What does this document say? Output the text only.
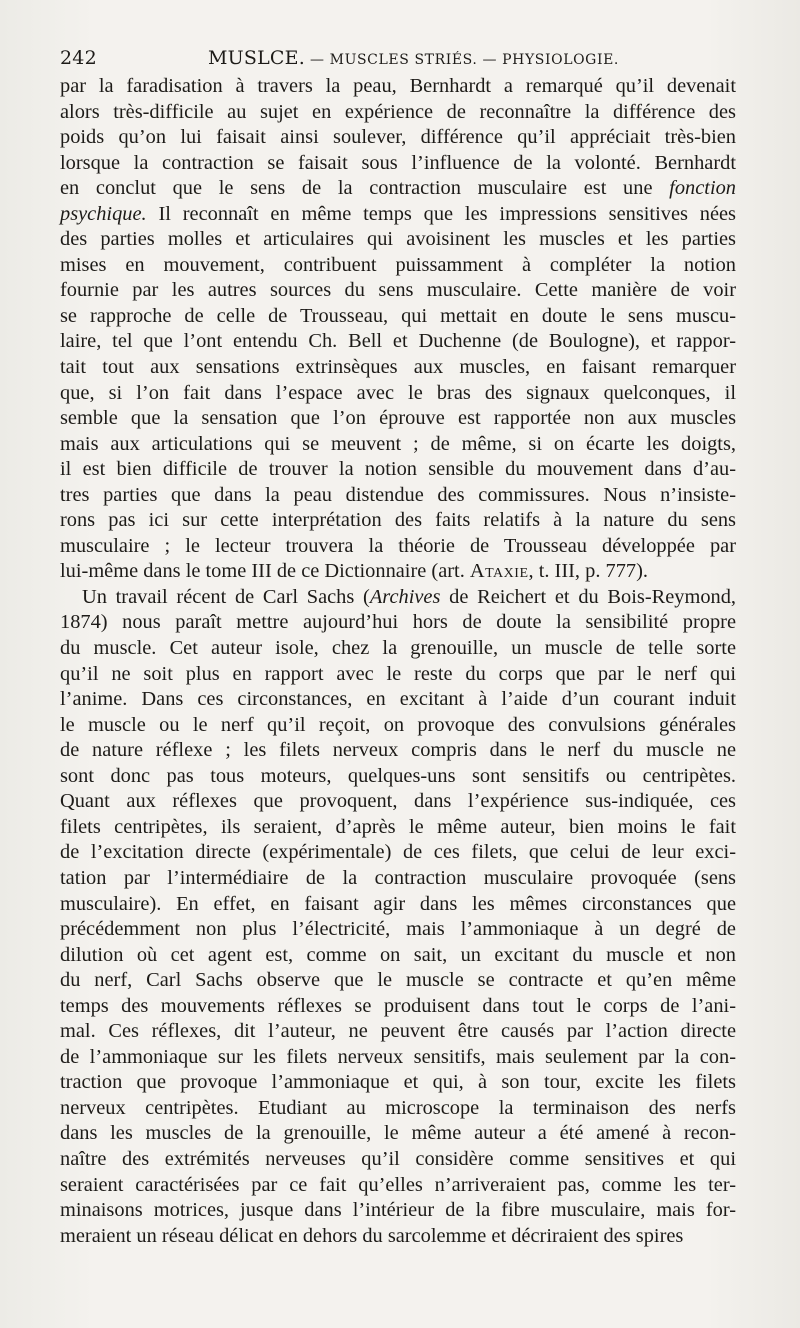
242	MUSLCE. — MUSCLES STRIÉS. — PHYSIOLOGIE.
par la faradisation à travers la peau, Bernhardt a remarqué qu’il devenait
alors très-difficile au sujet en expérience de reconnaître la différence des
poids qu’on lui faisait ainsi soulever, différence qu’il appréciait très-bien
lorsque la contraction se faisait sous l’influence de la volonté. Bernhardt
en conclut que le sens de la contraction musculaire est une fonction
psychique. Il reconnaît en même temps que les impressions sensitives nées
des parties molles et articulaires qui avoisinent les muscles et les parties
mises en mouvement, contribuent puissamment à compléter la notion
fournie par les autres sources du sens musculaire. Cette manière de voir
se rapproche de celle de Trousseau, qui mettait en doute le sens muscu-
laire, tel que l’ont entendu Ch. Bell et Duchenne (de Boulogne), et rappor-
tait tout aux sensations extrinsèques aux muscles, en faisant remarquer
que, si l’on fait dans l’espace avec le bras des signaux quelconques, il
semble que la sensation que l’on éprouve est rapportée non aux muscles
mais aux articulations qui se meuvent ; de même, si on écarte les doigts,
il est bien difficile de trouver la notion sensible du mouvement dans d’au-
tres parties que dans la peau distendue des commissures. Nous n’insiste-
rons pas ici sur cette interprétation des faits relatifs à la nature du sens
musculaire ; le lecteur trouvera la théorie de Trousseau développée par
lui-même dans le tome III de ce Dictionnaire (art. Ataxie, t. III, p. 777).
Un travail récent de Carl Sachs (Archives de Reichert et du Bois-Reymond,
1874) nous paraît mettre aujourd’hui hors de doute la sensibilité propre
du muscle. Cet auteur isole, chez la grenouille, un muscle de telle sorte
qu’il ne soit plus en rapport avec le reste du corps que par le nerf qui
l’anime. Dans ces circonstances, en excitant à l’aide d’un courant induit
le muscle ou le nerf qu’il reçoit, on provoque des convulsions générales
de nature réflexe ; les filets nerveux compris dans le nerf du muscle ne
sont donc pas tous moteurs, quelques-uns sont sensitifs ou centripètes.
Quant aux réflexes que provoquent, dans l’expérience sus-indiquée, ces
filets centripètes, ils seraient, d’après le même auteur, bien moins le fait
de l’excitation directe (expérimentale) de ces filets, que celui de leur exci-
tation par l’intermédiaire de la contraction musculaire provoquée (sens
musculaire). En effet, en faisant agir dans les mêmes circonstances que
précédemment non plus l’électricité, mais l’ammoniaque à un degré de
dilution où cet agent est, comme on sait, un excitant du muscle et non
du nerf, Carl Sachs observe que le muscle se contracte et qu’en même
temps des mouvements réflexes se produisent dans tout le corps de l’ani-
mal. Ces réflexes, dit l’auteur, ne peuvent être causés par l’action directe
de l’ammoniaque sur les filets nerveux sensitifs, mais seulement par la con-
traction que provoque l’ammoniaque et qui, à son tour, excite les filets
nerveux centripètes. Etudiant au microscope la terminaison des nerfs
dans les muscles de la grenouille, le même auteur a été amené à recon-
naître des extrémités nerveuses qu’il considère comme sensitives et qui
seraient caractérisées par ce fait qu’elles n’arriveraient pas, comme les ter-
minaisons motrices, jusque dans l’intérieur de la fibre musculaire, mais for-
meraient un réseau délicat en dehors du sarcolemme et décriraient des spires
